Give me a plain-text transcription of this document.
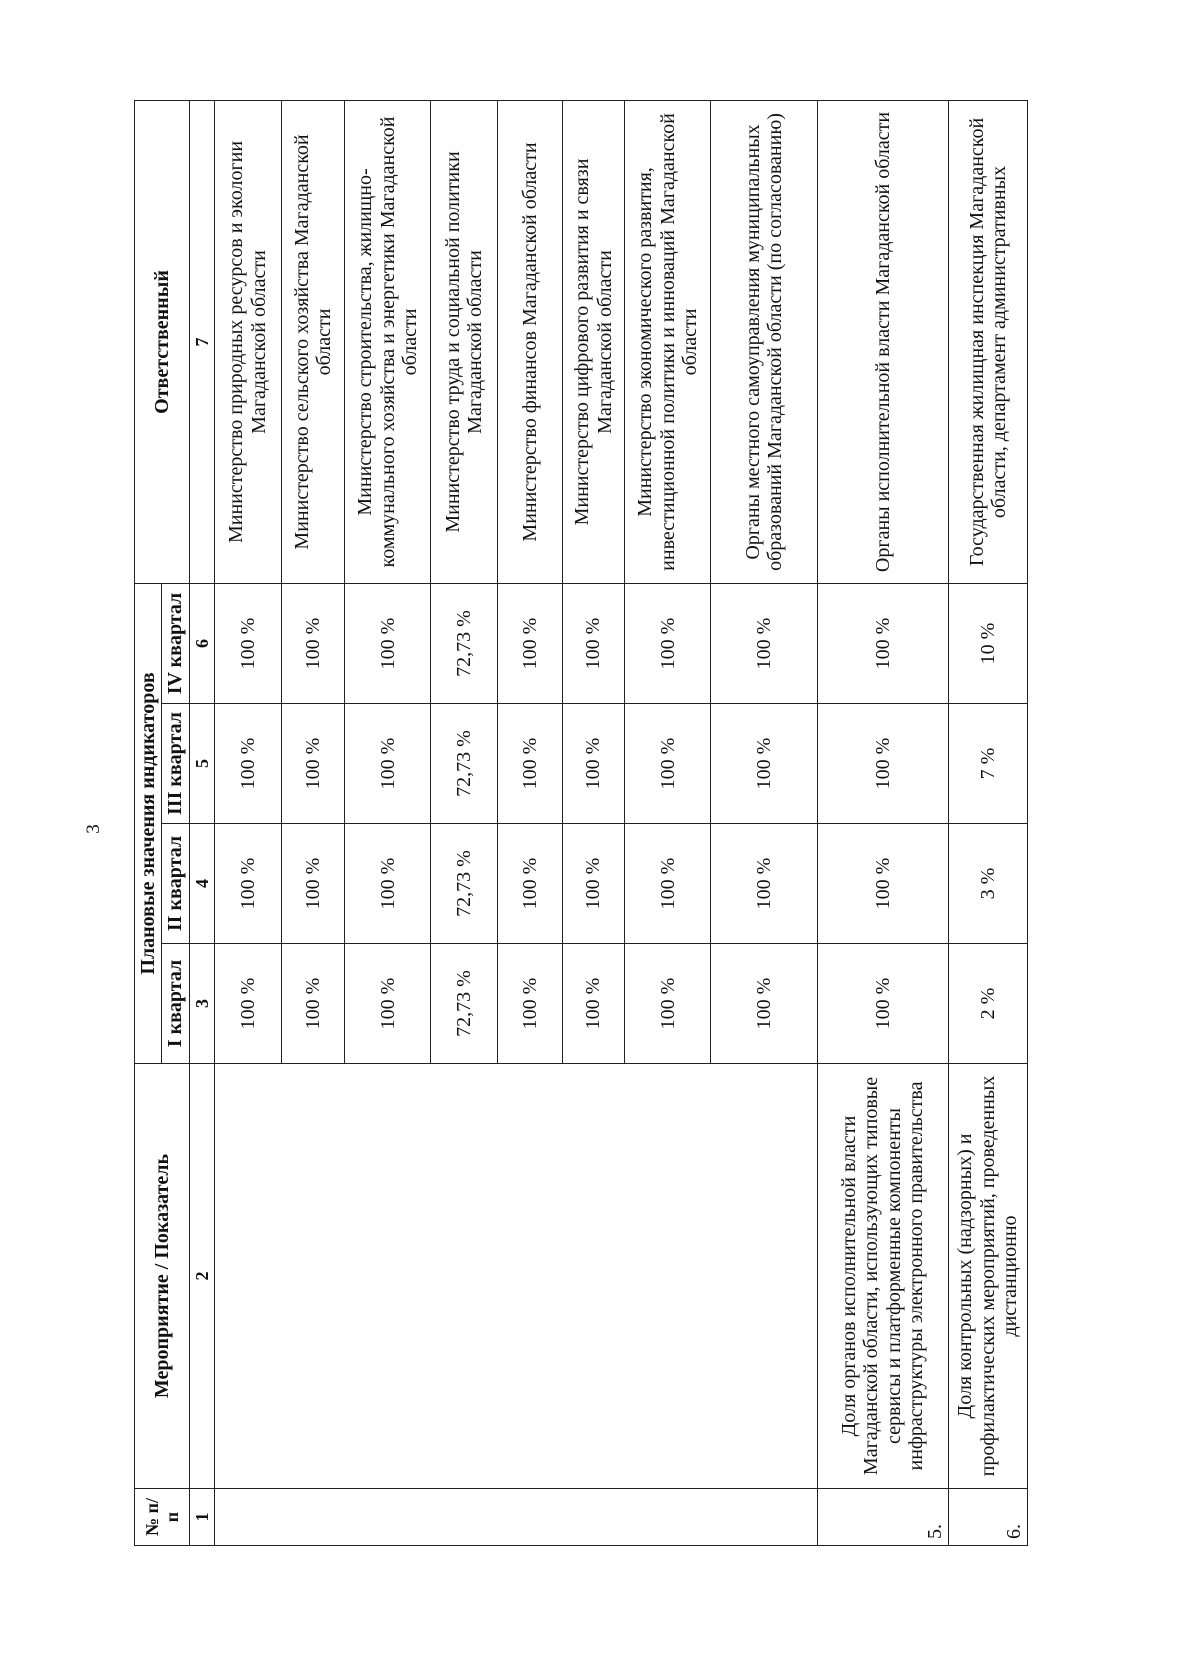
3
№ п/п	Мероприятие / Показатель	Плановые значения индикаторов				Ответственный
		I квартал	II квартал	III квартал	IV квартал	
1	2	3	4	5	6	7
		100 %	100 %	100 %	100 %	Министерство природных ресурсов и экологии Магаданской области
		100 %	100 %	100 %	100 %	Министерство сельского хозяйства Магаданской области
		100 %	100 %	100 %	100 %	Министерство строительства, жилищно-коммунального хозяйства и энергетики Магаданской области
		72,73 %	72,73 %	72,73 %	72,73 %	Министерство труда и социальной политики Магаданской области
		100 %	100 %	100 %	100 %	Министерство финансов Магаданской области
		100 %	100 %	100 %	100 %	Министерство цифрового развития и связи Магаданской области
		100 %	100 %	100 %	100 %	Министерство экономического развития, инвестиционной политики и инноваций Магаданской области
		100 %	100 %	100 %	100 %	Органы местного самоуправления муниципальных образований Магаданской области (по согласованию)
5.	Доля органов исполнительной власти Магаданской области, использующих типовые сервисы и платформенные компоненты инфраструктуры электронного правительства	100 %	100 %	100 %	100 %	Органы исполнительной власти Магаданской области
6.	Доля контрольных (надзорных) и профилактических мероприятий, проведенных дистанционно	2 %	3 %	7 %	10 %	Государственная жилищная инспекция Магаданской области, департамент административных
